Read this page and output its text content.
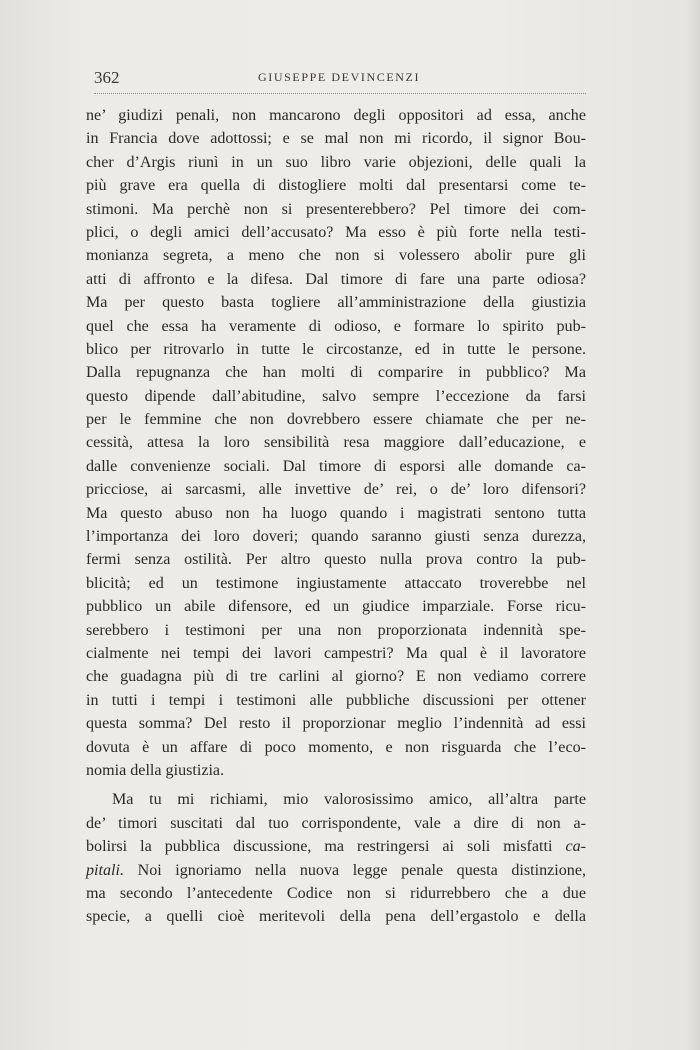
362	GIUSEPPE DEVINCENZI
ne’ giudizi penali, non mancarono degli oppositori ad essa, anche
in Francia dove adottossi; e se mal non mi ricordo, il signor Bou-
cher d’Argis riunì in un suo libro varie objezioni, delle quali la
più grave era quella di distogliere molti dal presentarsi come te-
stimoni. Ma perchè non si presenterebbero? Pel timore dei com-
plici, o degli amici dell’accusato? Ma esso è più forte nella testi-
monianza segreta, a meno che non si volessero abolir pure gli
atti di affronto e la difesa. Dal timore di fare una parte odiosa?
Ma per questo basta togliere all’amministrazione della giustizia
quel che essa ha veramente di odioso, e formare lo spirito pub-
blico per ritrovarlo in tutte le circostanze, ed in tutte le persone.
Dalla repugnanza che han molti di comparire in pubblico? Ma
questo dipende dall’abitudine, salvo sempre l’eccezione da farsi
per le femmine che non dovrebbero essere chiamate che per ne-
cessità, attesa la loro sensibilità resa maggiore dall’educazione, e
dalle convenienze sociali. Dal timore di esporsi alle domande ca-
pricciose, ai sarcasmi, alle invettive de’ rei, o de’ loro difensori?
Ma questo abuso non ha luogo quando i magistrati sentono tutta
l’importanza dei loro doveri; quando saranno giusti senza durezza,
fermi senza ostilità. Per altro questo nulla prova contro la pub-
blicità; ed un testimone ingiustamente attaccato troverebbe nel
pubblico un abile difensore, ed un giudice imparziale. Forse ricu-
serebbero i testimoni per una non proporzionata indennità spe-
cialmente nei tempi dei lavori campestri? Ma qual è il lavoratore
che guadagna più di tre carlini al giorno? E non vediamo correre
in tutti i tempi i testimoni alle pubbliche discussioni per ottener
questa somma? Del resto il proporzionar meglio l’indennità ad essi
dovuta è un affare di poco momento, e non risguarda che l’eco-
nomia della giustizia.
Ma tu mi richiami, mio valorosissimo amico, all’altra parte
de’ timori suscitati dal tuo corrispondente, vale a dire di non a-
bolirsi la pubblica discussione, ma restringersi ai soli misfatti ca-
pitali. Noi ignoriamo nella nuova legge penale questa distinzione,
ma secondo l’antecedente Codice non si ridurrebbero che a due
specie, a quelli cioè meritevoli della pena dell’ergastolo e della
